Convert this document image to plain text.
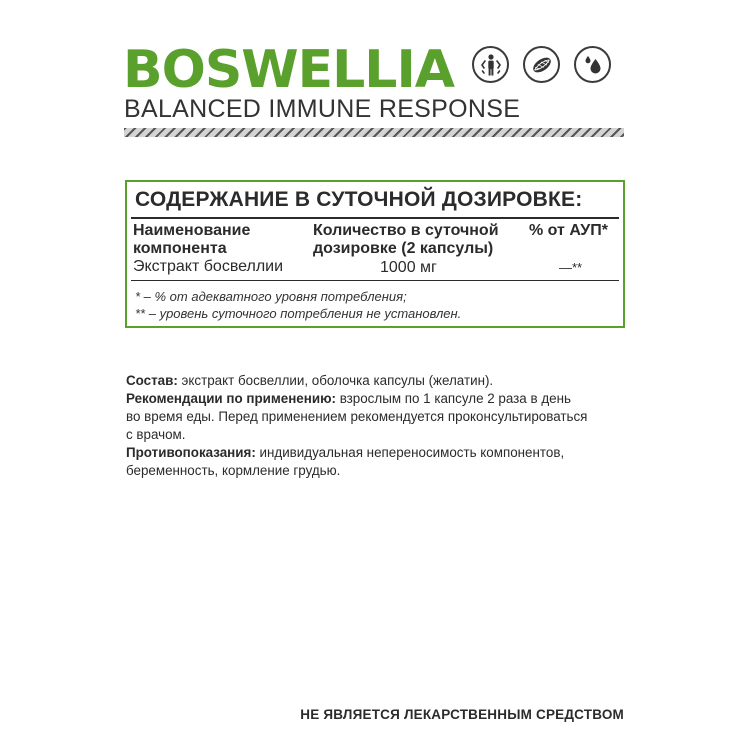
BOSWELLIA
BALANCED IMMUNE RESPONSE
СОДЕРЖАНИЕ В СУТОЧНОЙ ДОЗИРОВКЕ:
Наименование
компонента
Количество в суточной
дозировке (2 капсулы)
% от АУП*
Экстракт босвеллии	1000 мг	—**
* – % от адекватного уровня потребления;
** – уровень суточного потребления не установлен.

Состав: экстракт босвеллии, оболочка капсулы (желатин).

Рекомендации по применению: взрослым по 1 капсуле 2 раза в день

во время еды. Перед применением рекомендуется проконсультироваться

с врачом.

Противопоказания: индивидуальная непереносимость компонентов,

беременность, кормление грудью.

НЕ ЯВЛЯЕТСЯ ЛЕКАРСТВЕННЫМ СРЕДСТВОМ
